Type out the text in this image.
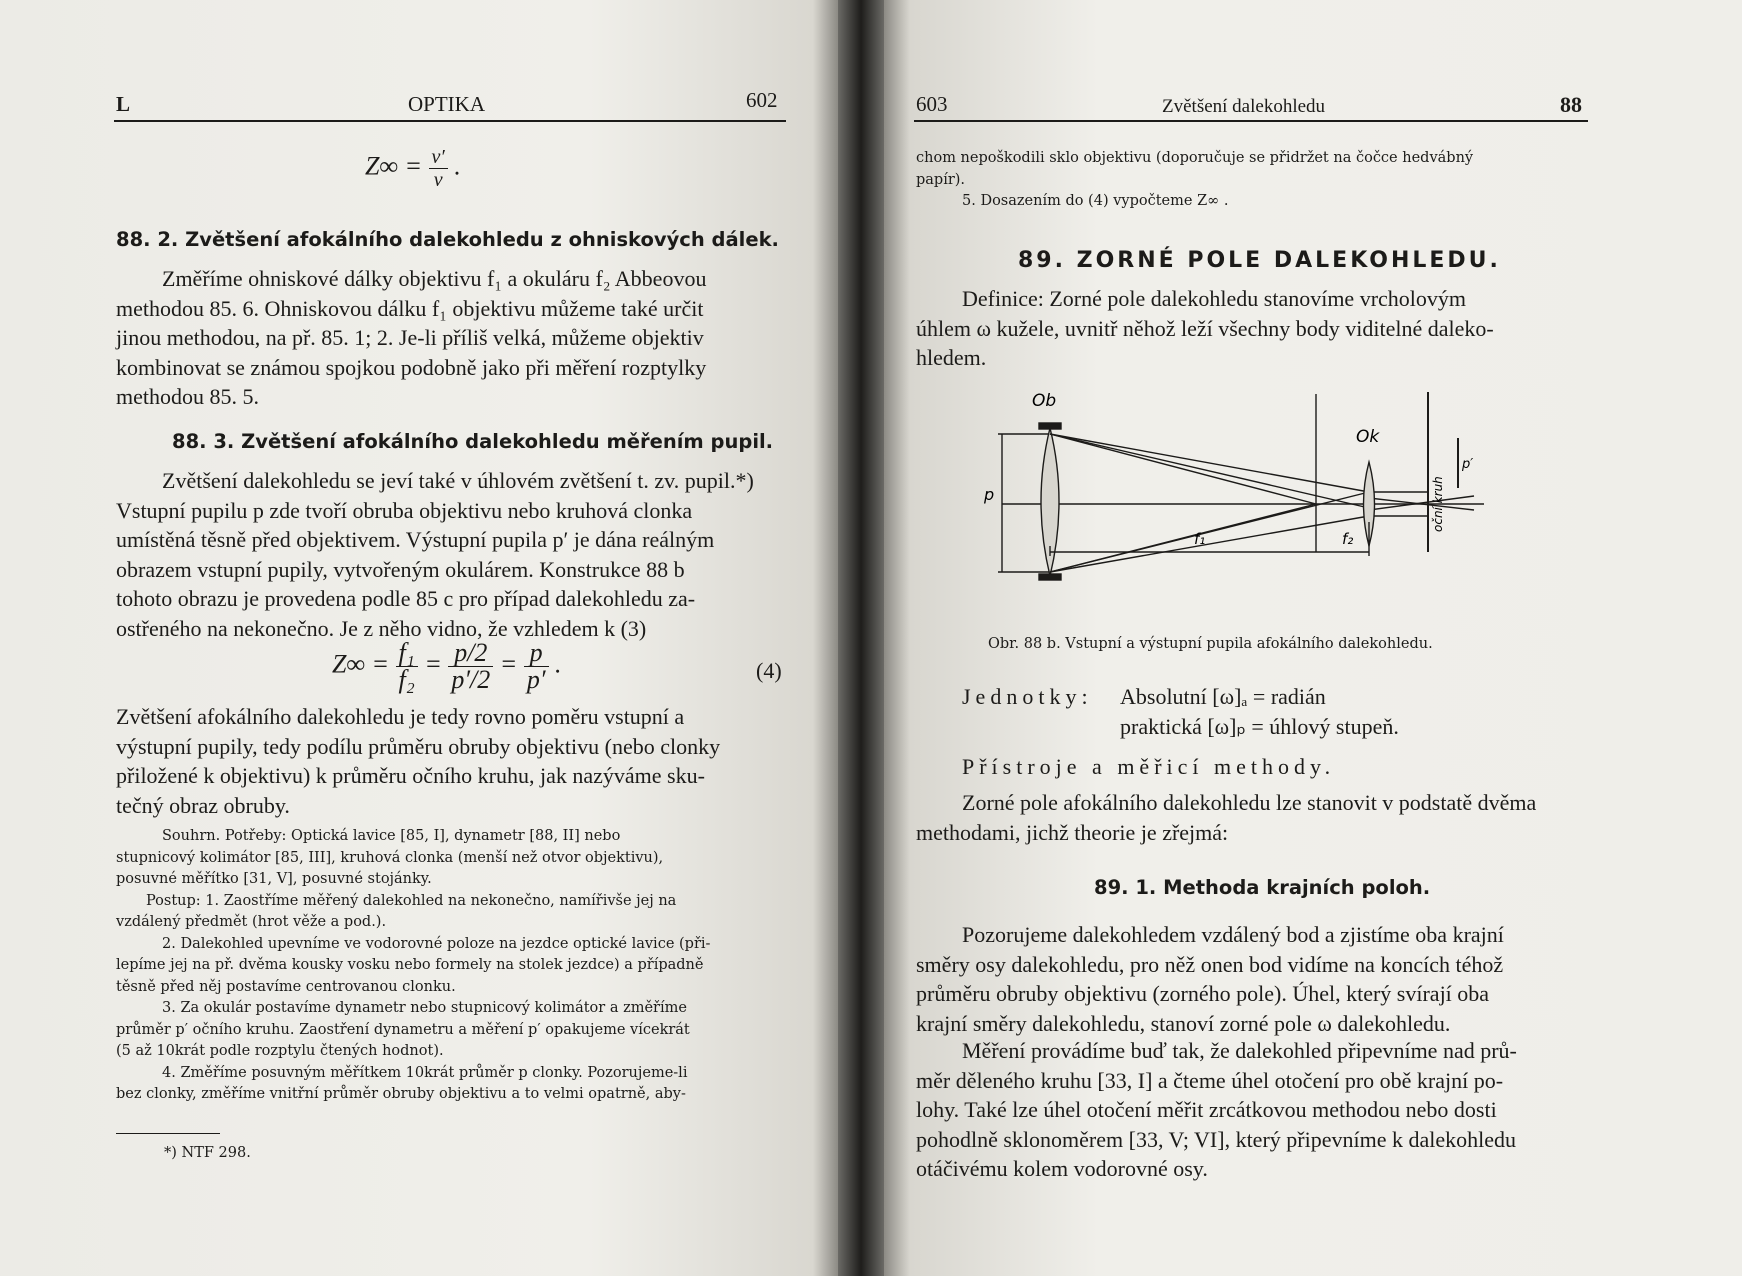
L	OPTIKA	602
$Z\infty = \frac{v'}{v}$ .
88. 2. Zvětšení afokálního dalekohledu z ohniskových dálek.
Změříme ohniskové dálky objektivu f₁ a okuláru f₂ Abbeovou
methodou 85. 6. Ohniskovou dálku f₁ objektivu můžeme také určit
jinou methodou, na př. 85. 1; 2. Je-li příliš velká, můžeme objektiv
kombinovat se známou spojkou podobně jako při měření rozptylky
methodou 85. 5.
88. 3. Zvětšení afokálního dalekohledu měřením pupil.
Zvětšení dalekohledu se jeví také v úhlovém zvětšení t. zv. pupil.*)
Vstupní pupilu p zde tvoří obruba objektivu nebo kruhová clonka
umístěná těsně před objektivem. Výstupní pupila p′ je dána reálným
obrazem vstupní pupily, vytvořeným okulárem. Konstrukce 88 b
tohoto obrazu je provedena podle 85 c pro případ dalekohledu za-
ostřeného na nekonečno. Je z něho vidno, že vzhledem k (3)
$Z\infty = \frac{\text{f₁}}{\text{f₂}} = \frac{p/2}{p'/2} = \frac{p}{p'}$ .	(4)
Zvětšení afokálního dalekohledu je tedy rovno poměru vstupní a
výstupní pupily, tedy podílu průměru obruby objektivu (nebo clonky
přiložené k objektivu) k průměru očního kruhu, jak nazýváme sku-
tečný obraz obruby.
Souhrn. Potřeby: Optická lavice [85, I], dynametr [88, II] nebo
stupnicový kolimátor [85, III], kruhová clonka (menší než otvor objektivu),
posuvné měřítko [31, V], posuvné stojánky.
Postup: 1. Zaostříme měřený dalekohled na nekonečno, namířivše jej na
vzdálený předmět (hrot věže a pod.).
2. Dalekohled upevníme ve vodorovné poloze na jezdce optické lavice (při-
lepíme jej na př. dvěma kousky vosku nebo formely na stolek jezdce) a případně
těsně před něj postavíme centrovanou clonku.
3. Za okulár postavíme dynametr nebo stupnicový kolimátor a změříme
průměr p′ očního kruhu. Zaostření dynametru a měření p′ opakujeme vícekrát
(5 až 10krát podle rozptylu čtených hodnot).
4. Změříme posuvným měřítkem 10krát průměr p clonky. Pozorujeme-li
bez clonky, změříme vnitřní průměr obruby objektivu a to velmi opatrně, aby-
*) NTF 298.
603	Zvětšení dalekohledu	88
chom nepoškodili sklo objektivu (doporučuje se přidržet na čočce hedvábný
papír).
5. Dosazením do (4) vypočteme Z∞ .
89. ZORNÉ POLE DALEKOHLEDU.
Definice: Zorné pole dalekohledu stanovíme vrcholovým
úhlem ω kužele, uvnitř něhož leží všechny body viditelné daleko-
hledem.
Ob
Ok
p
p′
f₁	f₂
oční kruh
Obr. 88 b. Vstupní a výstupní pupila afokálního dalekohledu.
Jednotky: Absolutní [ω]ₐ = radián
praktická [ω]ₚ = úhlový stupeň.
Přístroje a měřicí methody.
Zorné pole afokálního dalekohledu lze stanovit v podstatě dvěma
methodami, jichž theorie je zřejmá:
89. 1. Methoda krajních poloh.
Pozorujeme dalekohledem vzdálený bod a zjistíme oba krajní
směry osy dalekohledu, pro něž onen bod vidíme na koncích téhož
průměru obruby objektivu (zorného pole). Úhel, který svírají oba
krajní směry dalekohledu, stanoví zorné pole ω dalekohledu.
Měření provádíme buď tak, že dalekohled připevníme nad prů-
měr děleného kruhu [33, I] a čteme úhel otočení pro obě krajní po-
lohy. Také lze úhel otočení měřit zrcátkovou methodou nebo dosti
pohodlně sklonoměrem [33, V; VI], který připevníme k dalekohledu
otáčivému kolem vodorovné osy.
